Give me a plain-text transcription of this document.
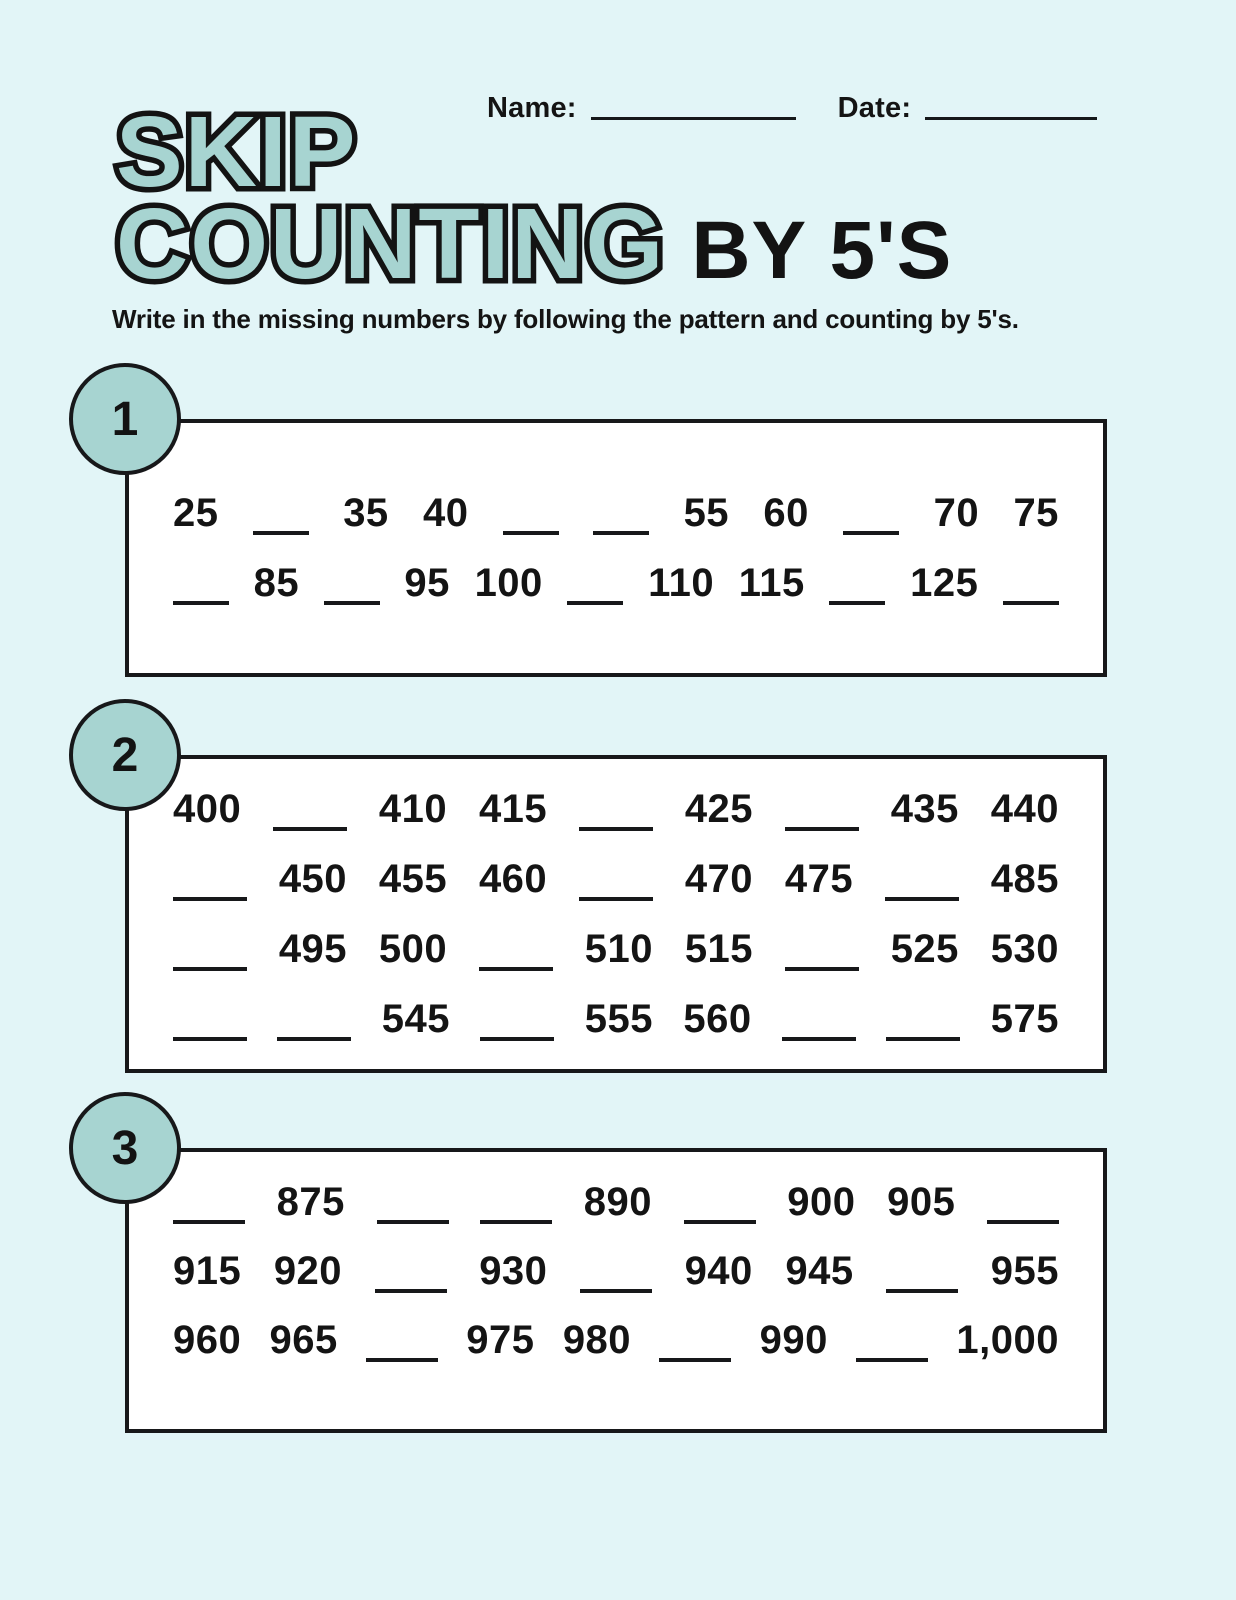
Name:	Date:
SKIP SKIP
COUNTING COUNTING BY 5'S

Write in the missing numbers by following the pattern and counting by 5's.

1
25	35 40	55 60	70 75
85	95 100	110 115	125
2
400	410 415	425	435 440
450 455 460	470 475	485
495 500	510 515	525 530
545	555 560	575
3
875	890	900 905
915 920	930	940 945	955
960 965	975 980	990	1,000
